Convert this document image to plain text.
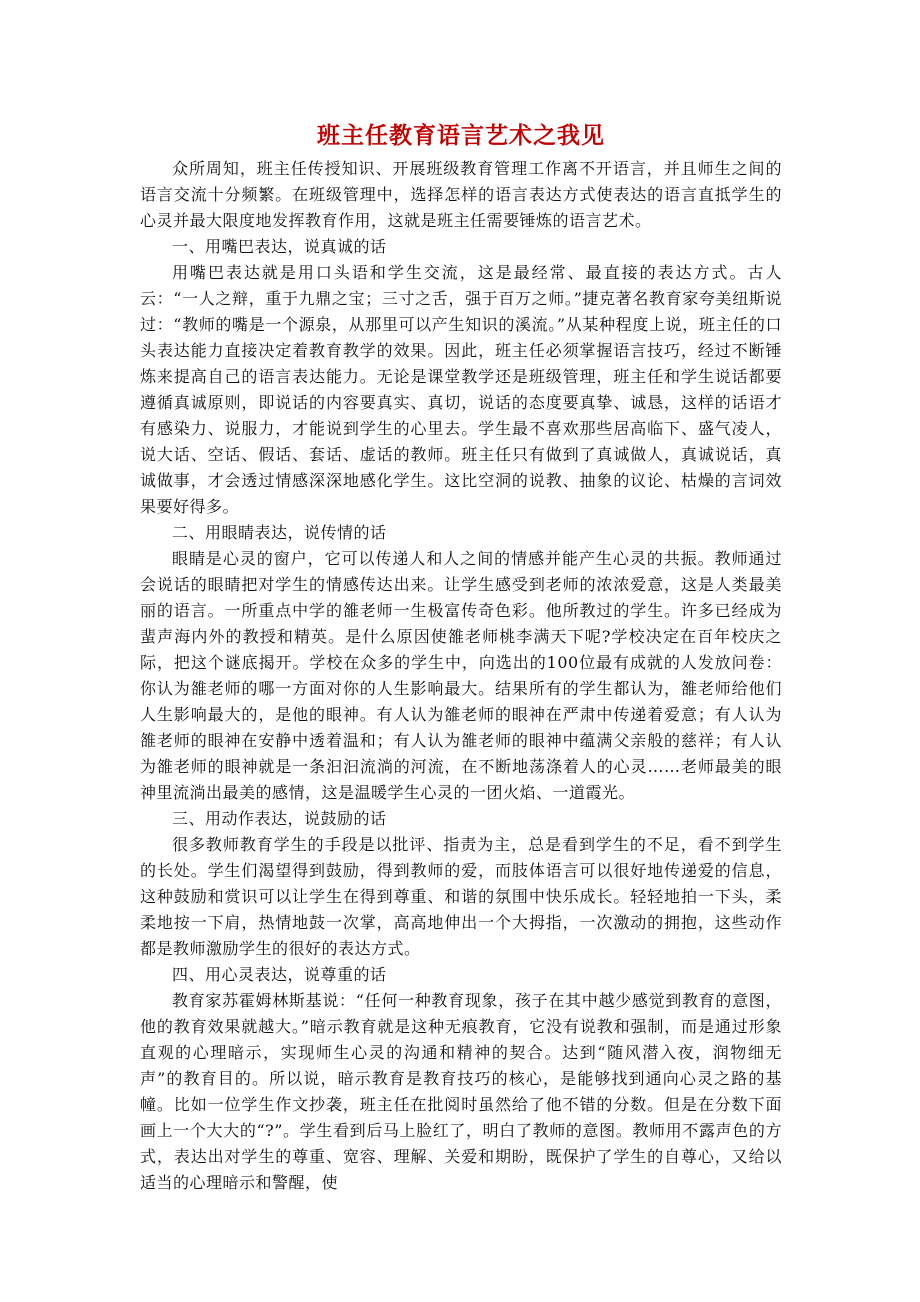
班主任教育语言艺术之我见

众所周知，班主任传授知识、开展班级教育管理工作离不开语言，并且师生之间的语言交流十分频繁。在班级管理中，选择怎样的语言表达方式使表达的语言直抵学生的心灵并最大限度地发挥教育作用，这就是班主任需要锤炼的语言艺术。

一、用嘴巴表达，说真诚的话

用嘴巴表达就是用口头语和学生交流，这是最经常、最直接的表达方式。古人云：“一人之辩，重于九鼎之宝；三寸之舌，强于百万之师。”捷克著名教育家夸美纽斯说过：“教师的嘴是一个源泉，从那里可以产生知识的溪流。”从某种程度上说，班主任的口头表达能力直接决定着教育教学的效果。因此，班主任必须掌握语言技巧，经过不断锤炼来提高自己的语言表达能力。无论是课堂教学还是班级管理，班主任和学生说话都要遵循真诚原则，即说话的内容要真实、真切，说话的态度要真挚、诚恳，这样的话语才有感染力、说服力，才能说到学生的心里去。学生最不喜欢那些居高临下、盛气凌人，说大话、空话、假话、套话、虚话的教师。班主任只有做到了真诚做人，真诚说话，真诚做事，才会透过情感深深地感化学生。这比空洞的说教、抽象的议论、枯燥的言词效果要好得多。

二、用眼睛表达，说传情的话

眼睛是心灵的窗户，它可以传递人和人之间的情感并能产生心灵的共振。教师通过会说话的眼睛把对学生的情感传达出来。让学生感受到老师的浓浓爱意，这是人类最美丽的语言。一所重点中学的雒老师一生极富传奇色彩。他所教过的学生。许多已经成为蜚声海内外的教授和精英。是什么原因使雒老师桃李满天下呢?学校决定在百年校庆之际，把这个谜底揭开。学校在众多的学生中，向选出的100位最有成就的人发放问卷：你认为雒老师的哪一方面对你的人生影响最大。结果所有的学生都认为，雒老师给他们人生影响最大的，是他的眼神。有人认为雒老师的眼神在严肃中传递着爱意；有人认为雒老师的眼神在安静中透着温和；有人认为雒老师的眼神中蕴满父亲般的慈祥；有人认为雒老师的眼神就是一条汩汩流淌的河流，在不断地荡涤着人的心灵……老师最美的眼神里流淌出最美的感情，这是温暖学生心灵的一团火焰、一道霞光。

三、用动作表达，说鼓励的话

很多教师教育学生的手段是以批评、指责为主，总是看到学生的不足，看不到学生的长处。学生们渴望得到鼓励，得到教师的爱，而肢体语言可以很好地传递爱的信息，这种鼓励和赏识可以让学生在得到尊重、和谐的氛围中快乐成长。轻轻地拍一下头，柔柔地按一下肩，热情地鼓一次掌，高高地伸出一个大拇指，一次激动的拥抱，这些动作都是教师激励学生的很好的表达方式。

四、用心灵表达，说尊重的话

教育家苏霍姆林斯基说：“任何一种教育现象，孩子在其中越少感觉到教育的意图，他的教育效果就越大。”暗示教育就是这种无痕教育，它没有说教和强制，而是通过形象直观的心理暗示，实现师生心灵的沟通和精神的契合。达到“随风潜入夜，润物细无声”的教育目的。所以说，暗示教育是教育技巧的核心，是能够找到通向心灵之路的基幢。比如一位学生作文抄袭，班主任在批阅时虽然给了他不错的分数。但是在分数下面画上一个大大的“?”。学生看到后马上脸红了，明白了教师的意图。教师用不露声色的方式，表达出对学生的尊重、宽容、理解、关爱和期盼，既保护了学生的自尊心，又给以适当的心理暗示和警醒，使
